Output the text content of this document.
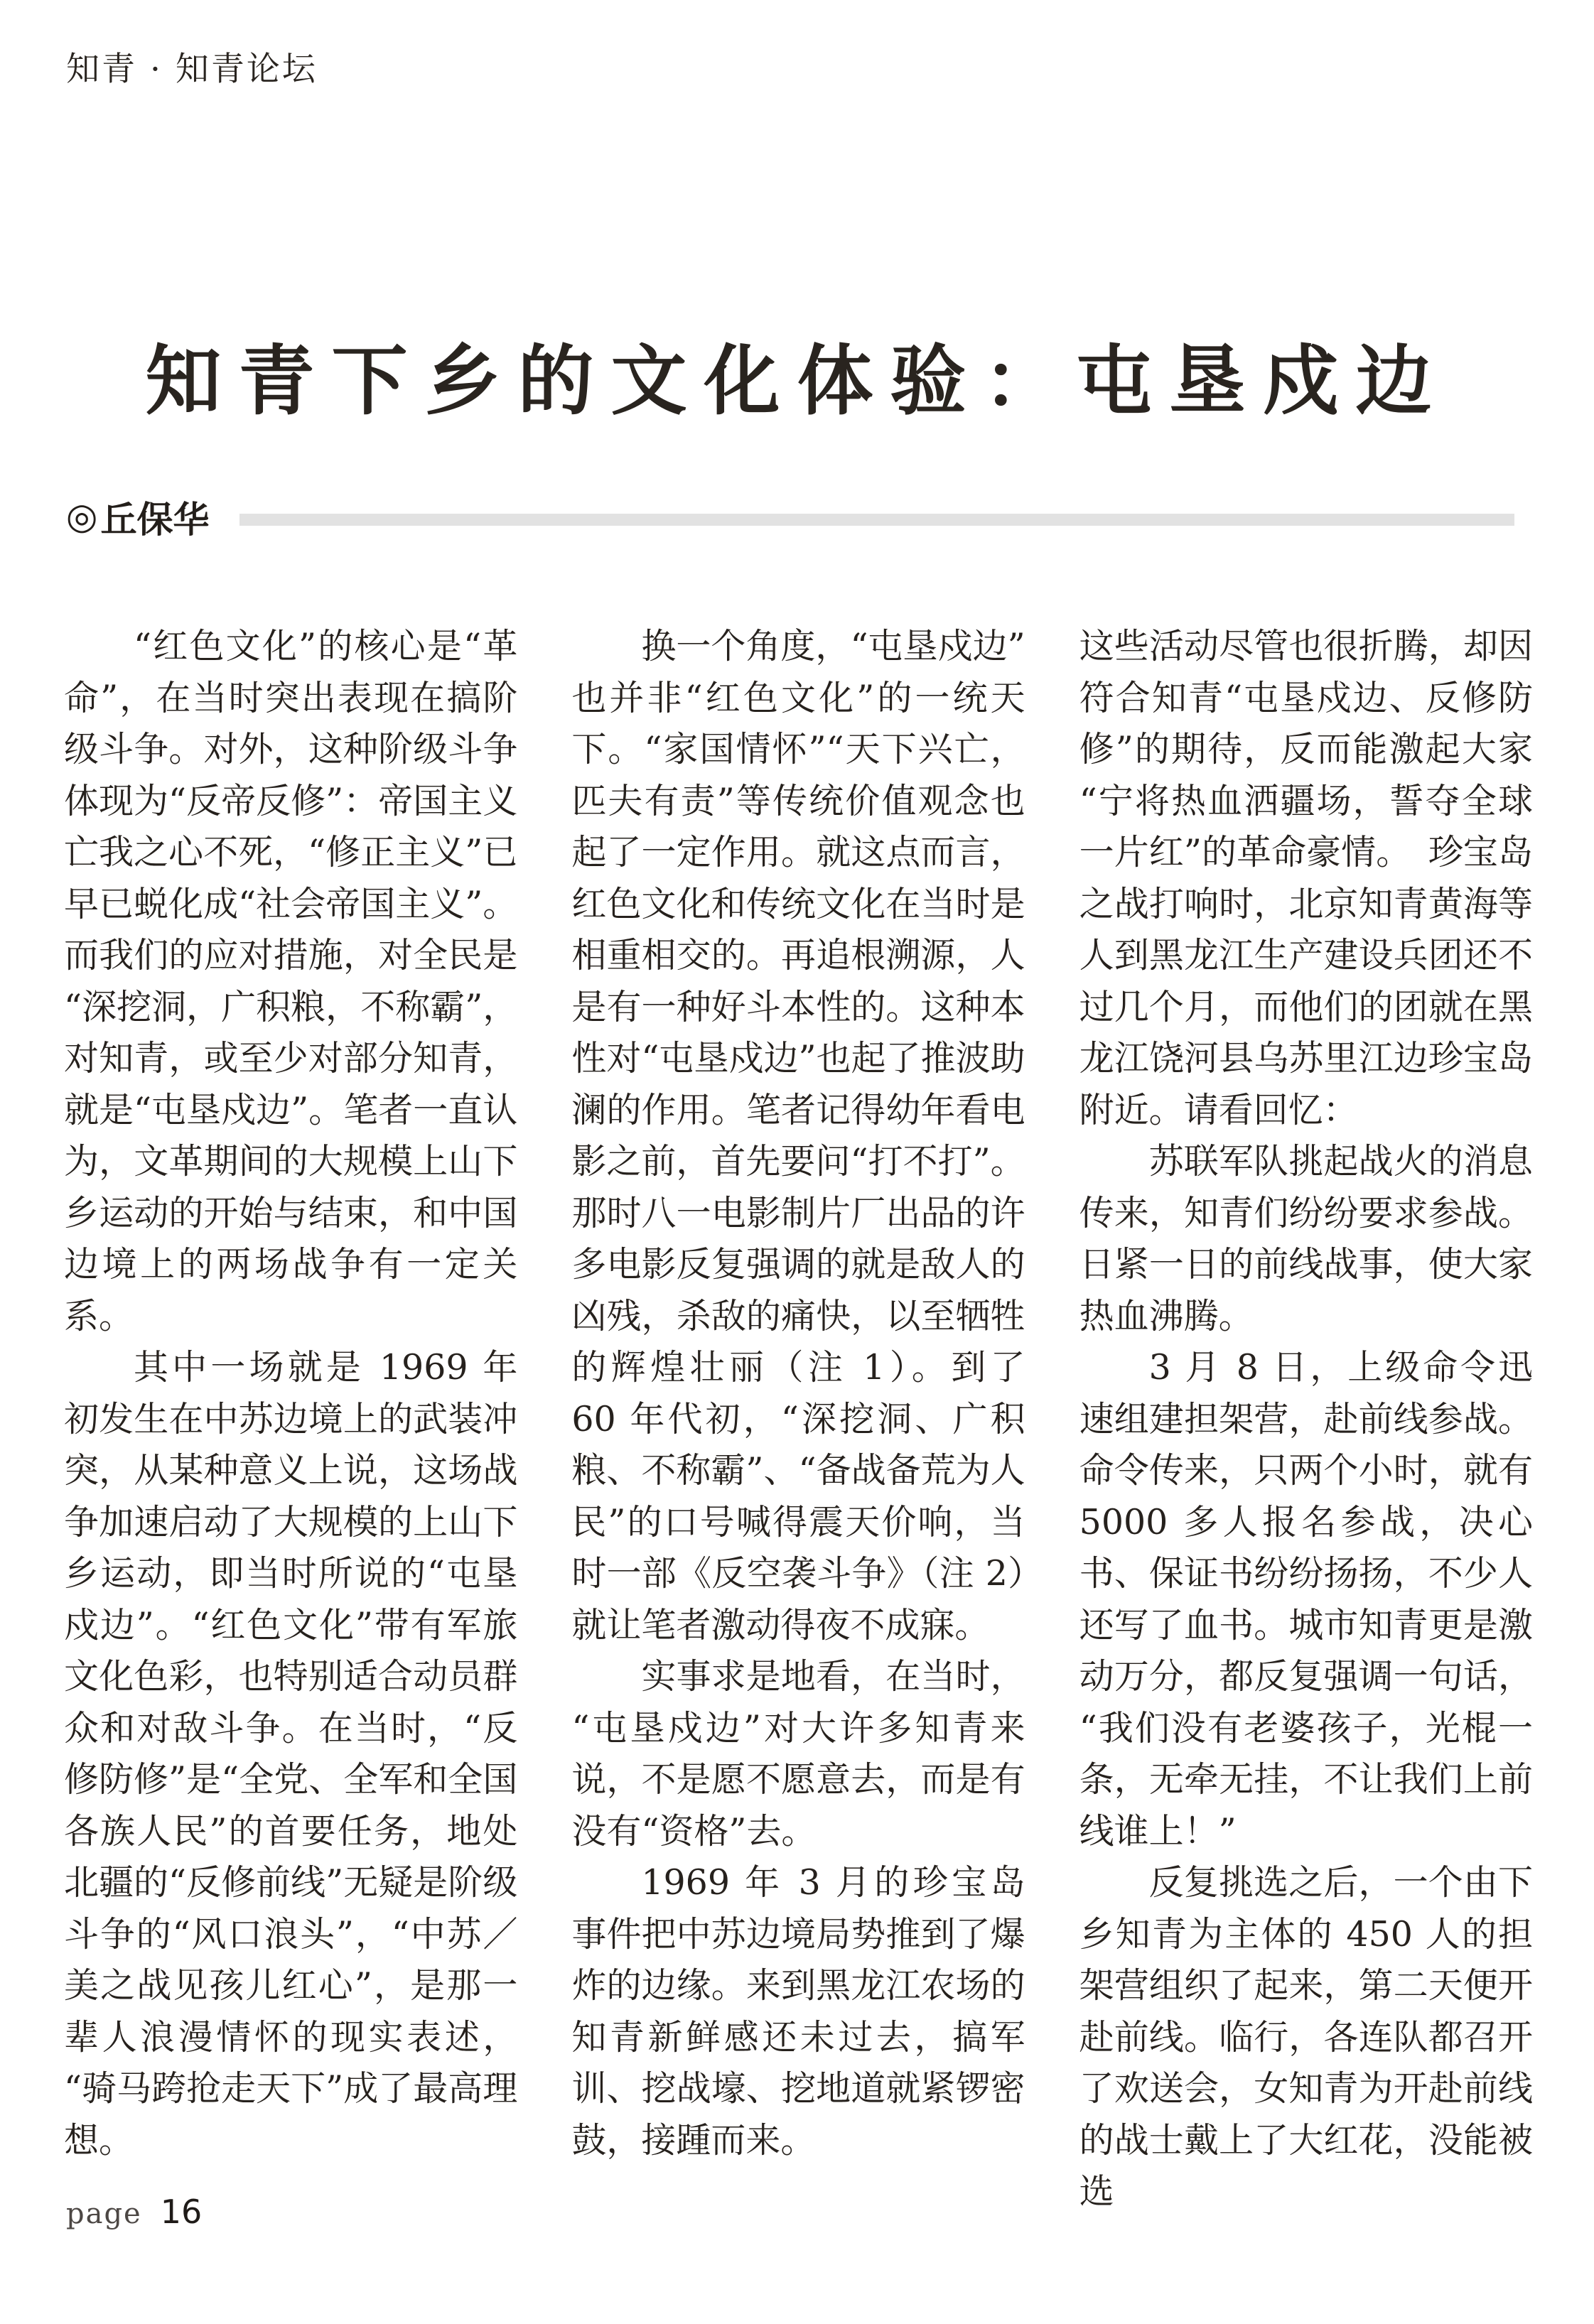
知青 · 知青论坛
知青下乡的文化体验：屯垦戍边
◎ 丘保华

“红色文化”的核心是“革命”，在当时突出表现在搞阶级斗争。对外，这种阶级斗争体现为“反帝反修”：帝国主义亡我之心不死，“修正主义”已早已蜕化成“社会帝国主义”。而我们的应对措施，对全民是“深挖洞，广积粮，不称霸”，对知青，或至少对部分知青，就是“屯垦戍边”。笔者一直认为，文革期间的大规模上山下乡运动的开始与结束，和中国边境上的两场战争有一定关系。

其中一场就是 1969 年初发生在中苏边境上的武装冲突，从某种意义上说，这场战争加速启动了大规模的上山下乡运动，即当时所说的“屯垦戍边”。“红色文化”带有军旅文化色彩，也特别适合动员群众和对敌斗争。在当时，“反修防修”是“全党、全军和全国各族人民”的首要任务，地处北疆的“反修前线”无疑是阶级斗争的“风口浪头”，“中苏／美之战见孩儿红心”，是那一辈人浪漫情怀的现实表述，“骑马跨抢走天下”成了最高理想。

换一个角度，“屯垦戍边”也并非“红色文化”的一统天下。“家国情怀”“天下兴亡，匹夫有责”等传统价值观念也起了一定作用。就这点而言，红色文化和传统文化在当时是相重相交的。再追根溯源，人是有一种好斗本性的。这种本性对“屯垦戍边”也起了推波助澜的作用。笔者记得幼年看电影之前，首先要问“打不打”。那时八一电影制片厂出品的许多电影反复强调的就是敌人的凶残，杀敌的痛快，以至牺牲的辉煌壮丽（注 1）。到了 60 年代初，“深挖洞、广积粮、不称霸”、“备战备荒为人民”的口号喊得震天价响，当时一部《反空袭斗争》（注 2）就让笔者激动得夜不成寐。

实事求是地看，在当时，“屯垦戍边”对大许多知青来说，不是愿不愿意去，而是有没有“资格”去。

1969 年 3 月的珍宝岛事件把中苏边境局势推到了爆炸的边缘。来到黑龙江农场的知青新鲜感还未过去，搞军训、挖战壕、挖地道就紧锣密鼓，接踵而来。

这些活动尽管也很折腾，却因符合知青“屯垦戍边、反修防修”的期待，反而能激起大家“宁将热血洒疆场，誓夺全球一片红”的革命豪情。　珍宝岛之战打响时，北京知青黄海等人到黑龙江生产建设兵团还不过几个月，而他们的团就在黑龙江饶河县乌苏里江边珍宝岛附近。请看回忆：

苏联军队挑起战火的消息传来，知青们纷纷要求参战。日紧一日的前线战事，使大家热血沸腾。

3 月 8 日，上级命令迅速组建担架营，赴前线参战。命令传来，只两个小时，就有 5000 多人报名参战，决心书、保证书纷纷扬扬，不少人还写了血书。城市知青更是激动万分，都反复强调一句话，“我们没有老婆孩子，光棍一条，无牵无挂，不让我们上前线谁上！”

反复挑选之后，一个由下乡知青为主体的 450 人的担架营组织了起来，第二天便开赴前线。临行，各连队都召开了欢送会，女知青为开赴前线的战士戴上了大红花，没能被选

page 16
